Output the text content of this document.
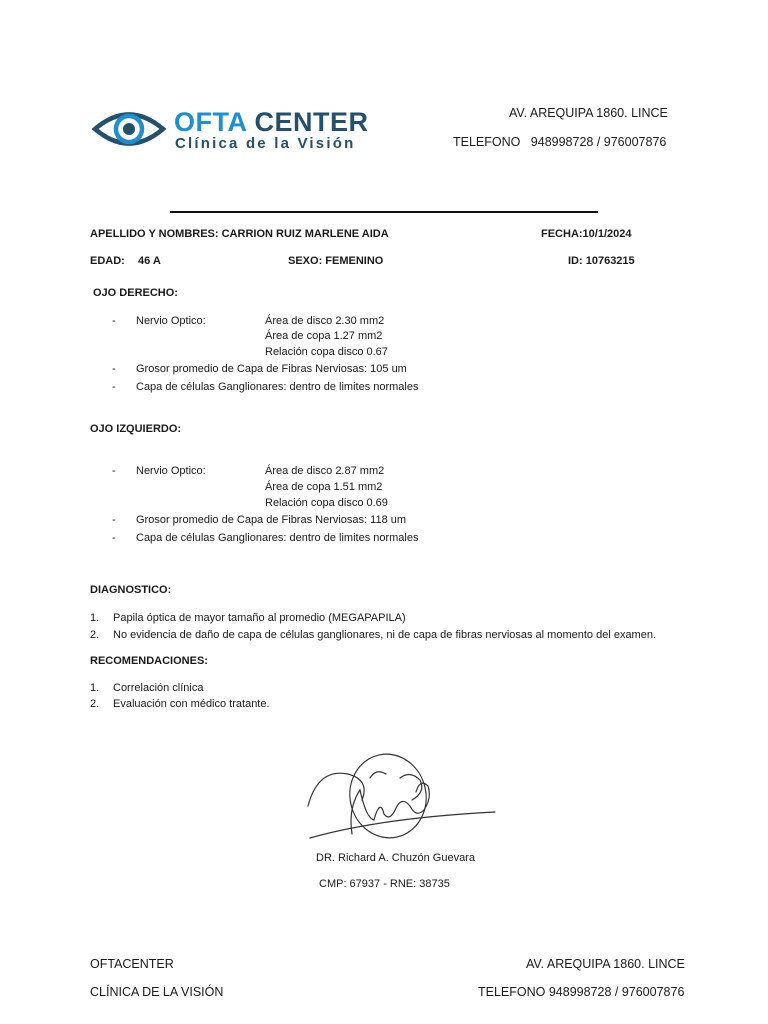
OFTA CENTER
Clínica de la Visión
AV. AREQUIPA 1860. LINCE
TELEFONO   948998728 / 976007876
APELLIDO Y NOMBRES: CARRION RUIZ MARLENE AIDA	FECHA:10/1/2024
EDAD: 46 A	SEXO: FEMENINO	ID: 10763215
OJO DERECHO:
- Nervio Optico:	Área de disco 2.30 mm2
Área de copa 1.27 mm2
Relación copa disco 0.67
- Grosor promedio de Capa de Fibras Nerviosas: 105 um
- Capa de células Ganglionares: dentro de limites normales
OJO IZQUIERDO:
- Nervio Optico:	Área de disco 2.87 mm2
Área de copa 1.51 mm2
Relación copa disco 0.69
- Grosor promedio de Capa de Fibras Nerviosas: 118 um
- Capa de células Ganglionares: dentro de limites normales
DIAGNOSTICO:
1. Papila óptica de mayor tamaño al promedio (MEGAPAPILA)
2. No evidencia de daño de capa de células ganglionares, ni de capa de fibras nerviosas al momento del examen.
RECOMENDACIONES:
1. Correlación clínica
2. Evaluación con médico tratante.
DR. Richard A. Chuzón Guevara
CMP: 67937 - RNE: 38735
OFTACENTER
CLÍNICA DE LA VISIÓN
AV. AREQUIPA 1860. LINCE
TELEFONO 948998728 / 976007876
